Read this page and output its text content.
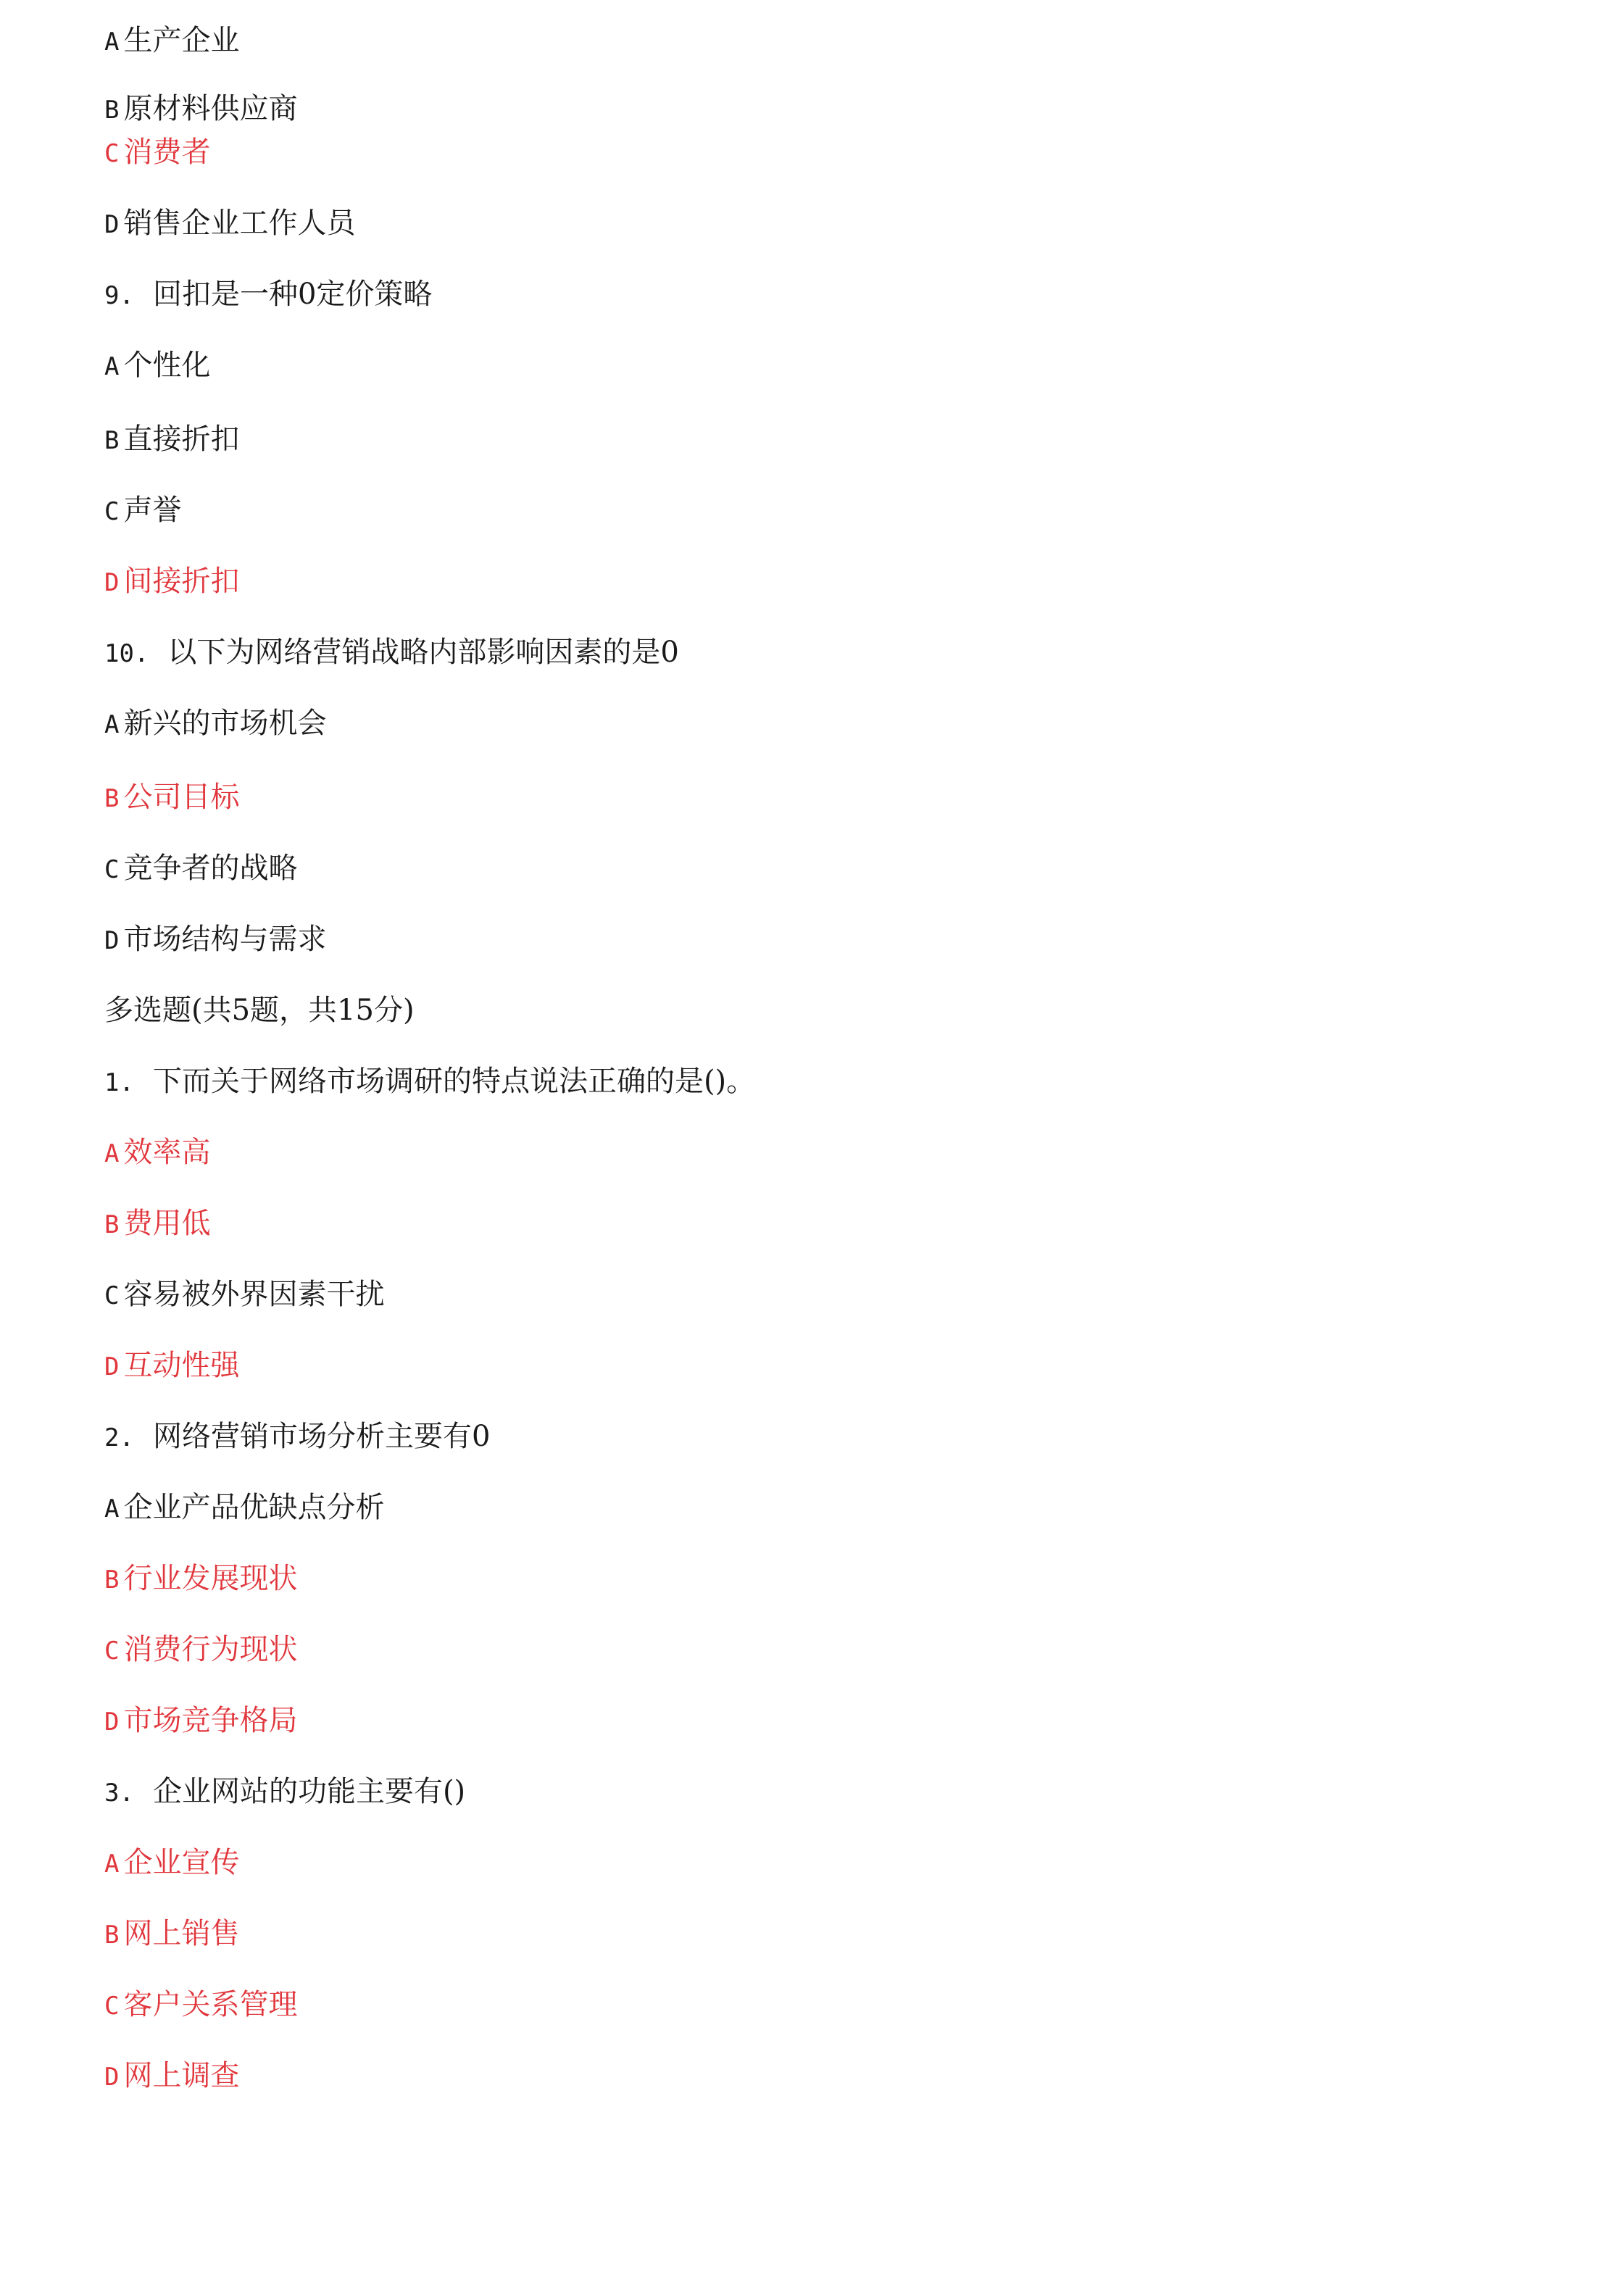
A 生产企业
B 原材料供应商
C 消费者
D 销售企业工作人员
9. 回扣是一种0定价策略
A 个性化
B 直接折扣
C 声誉
D 间接折扣
10. 以下为网络营销战略内部影响因素的是0
A 新兴的市场机会
B 公司目标
C 竞争者的战略
D 市场结构与需求
多选题(共5题，共15分)
1. 下而关于网络市场调研的特点说法正确的是()。
A 效率高
B 费用低
C 容易被外界因素干扰
D 互动性强
2. 网络营销市场分析主要有0
A 企业产品优缺点分析
B 行业发展现状
C 消费行为现状
D 市场竞争格局
3. 企业网站的功能主要有()
A 企业宣传
B 网上销售
C 客户关系管理
D 网上调查
